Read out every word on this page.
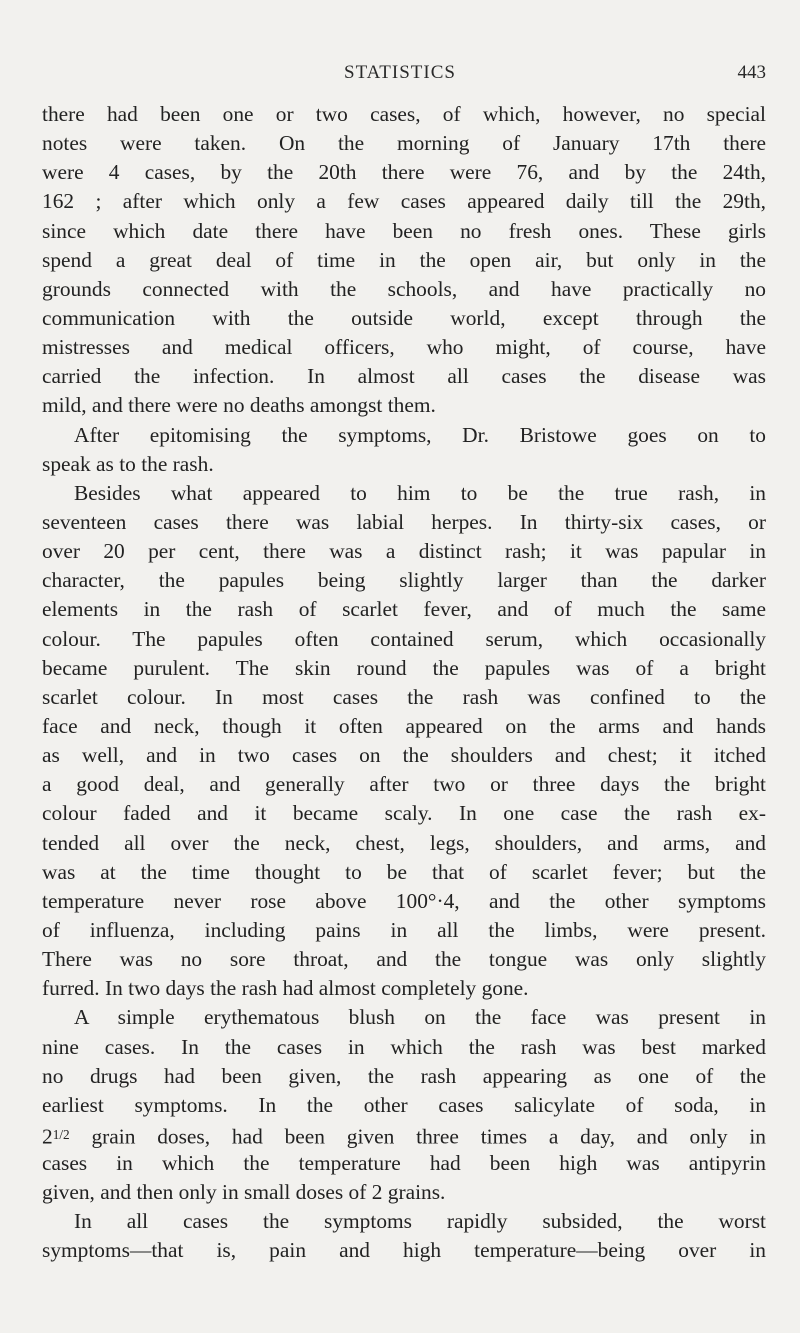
STATISTICS	443
there had been one or two cases, of which, however, no special
notes were taken. On the morning of January 17th there
were 4 cases, by the 20th there were 76, and by the 24th,
162 ; after which only a few cases appeared daily till the 29th,
since which date there have been no fresh ones. These girls
spend a great deal of time in the open air, but only in the
grounds connected with the schools, and have practically no
communication with the outside world, except through the
mistresses and medical officers, who might, of course, have
carried the infection. In almost all cases the disease was
mild, and there were no deaths amongst them.
After epitomising the symptoms, Dr. Bristowe goes on to
speak as to the rash.
Besides what appeared to him to be the true rash, in
seventeen cases there was labial herpes. In thirty-six cases, or
over 20 per cent, there was a distinct rash; it was papular in
character, the papules being slightly larger than the darker
elements in the rash of scarlet fever, and of much the same
colour. The papules often contained serum, which occasionally
became purulent. The skin round the papules was of a bright
scarlet colour. In most cases the rash was confined to the
face and neck, though it often appeared on the arms and hands
as well, and in two cases on the shoulders and chest; it itched
a good deal, and generally after two or three days the bright
colour faded and it became scaly. In one case the rash ex-
tended all over the neck, chest, legs, shoulders, and arms, and
was at the time thought to be that of scarlet fever; but the
temperature never rose above 100°·4, and the other symptoms
of influenza, including pains in all the limbs, were present.
There was no sore throat, and the tongue was only slightly
furred. In two days the rash had almost completely gone.
A simple erythematous blush on the face was present in
nine cases. In the cases in which the rash was best marked
no drugs had been given, the rash appearing as one of the
earliest symptoms. In the other cases salicylate of soda, in
$2^{1/2}$ grain doses, had been given three times a day, and only in
cases in which the temperature had been high was antipyrin
given, and then only in small doses of 2 grains.
In all cases the symptoms rapidly subsided, the worst
symptoms—that is, pain and high temperature—being over in
